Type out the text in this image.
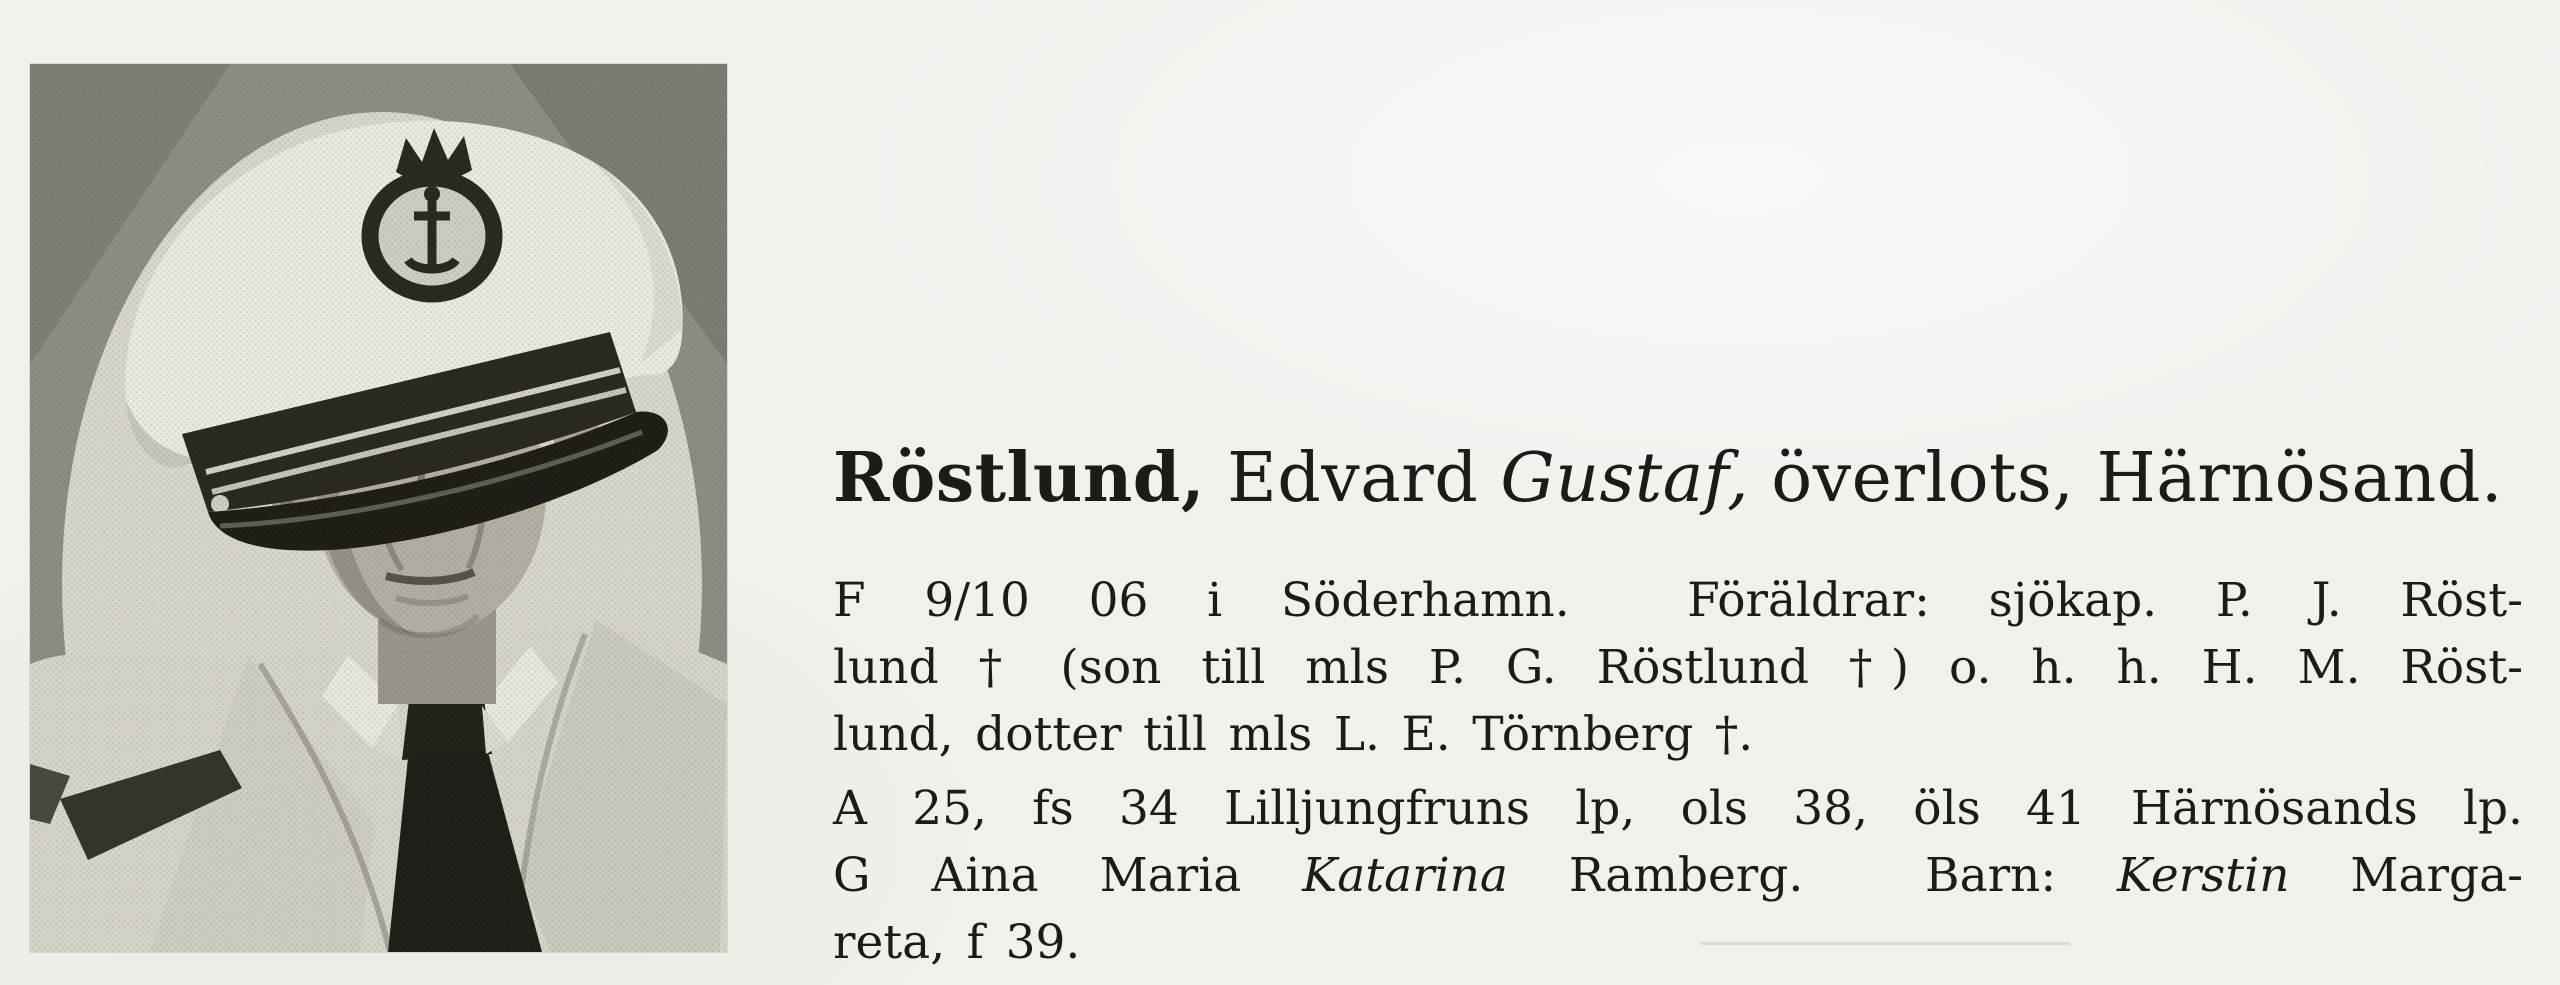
Röstlund, Edvard Gustaf, överlots, Härnösand.

F 9/10 06 i Söderhamn.  Föräldrar: sjökap. P. J. Röst-
lund † (son till mls P. G. Röstlund †) o. h. h. H. M. Röst-
lund, dotter till mls L. E. Törnberg †.

A 25, fs 34 Lilljungfruns lp, ols 38, öls 41 Härnösands lp.
G Aina Maria Katarina Ramberg.  Barn: Kerstin Marga-
reta, f 39.
